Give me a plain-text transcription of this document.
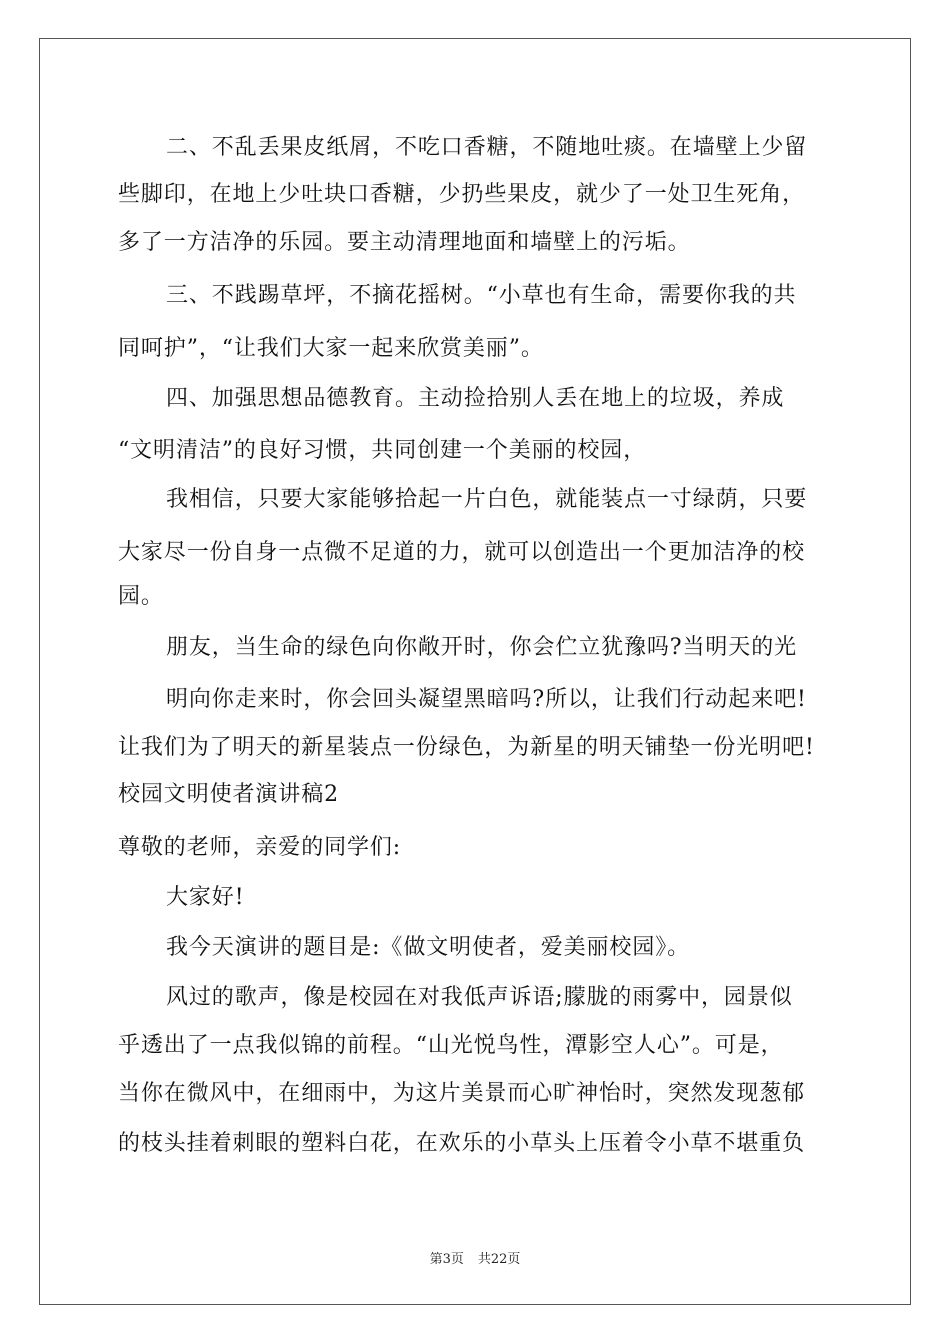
二、不乱丢果皮纸屑，不吃口香糖，不随地吐痰。在墙壁上少留
些脚印，在地上少吐块口香糖，少扔些果皮，就少了一处卫生死角，
多了一方洁净的乐园。要主动清理地面和墙壁上的污垢。
三、不践踢草坪，不摘花摇树。“小草也有生命，需要你我的共
同呵护”，“让我们大家一起来欣赏美丽”。
四、加强思想品德教育。主动捡拾别人丢在地上的垃圾，养成
“文明清洁”的良好习惯，共同创建一个美丽的校园，
我相信，只要大家能够拾起一片白色，就能装点一寸绿荫，只要
大家尽一份自身一点微不足道的力，就可以创造出一个更加洁净的校
园。
朋友，当生命的绿色向你敞开时，你会伫立犹豫吗?当明天的光
明向你走来时，你会回头凝望黑暗吗?所以，让我们行动起来吧!
让我们为了明天的新星装点一份绿色，为新星的明天铺垫一份光明吧!
校园文明使者演讲稿2
尊敬的老师，亲爱的同学们:
大家好!
我今天演讲的题目是:《做文明使者，爱美丽校园》。
风过的歌声，像是校园在对我低声诉语;朦胧的雨雾中，园景似
乎透出了一点我似锦的前程。“山光悦鸟性，潭影空人心”。可是，
当你在微风中，在细雨中，为这片美景而心旷神怡时，突然发现葱郁
的枝头挂着刺眼的塑料白花，在欢乐的小草头上压着令小草不堪重负
第3页 共22页
